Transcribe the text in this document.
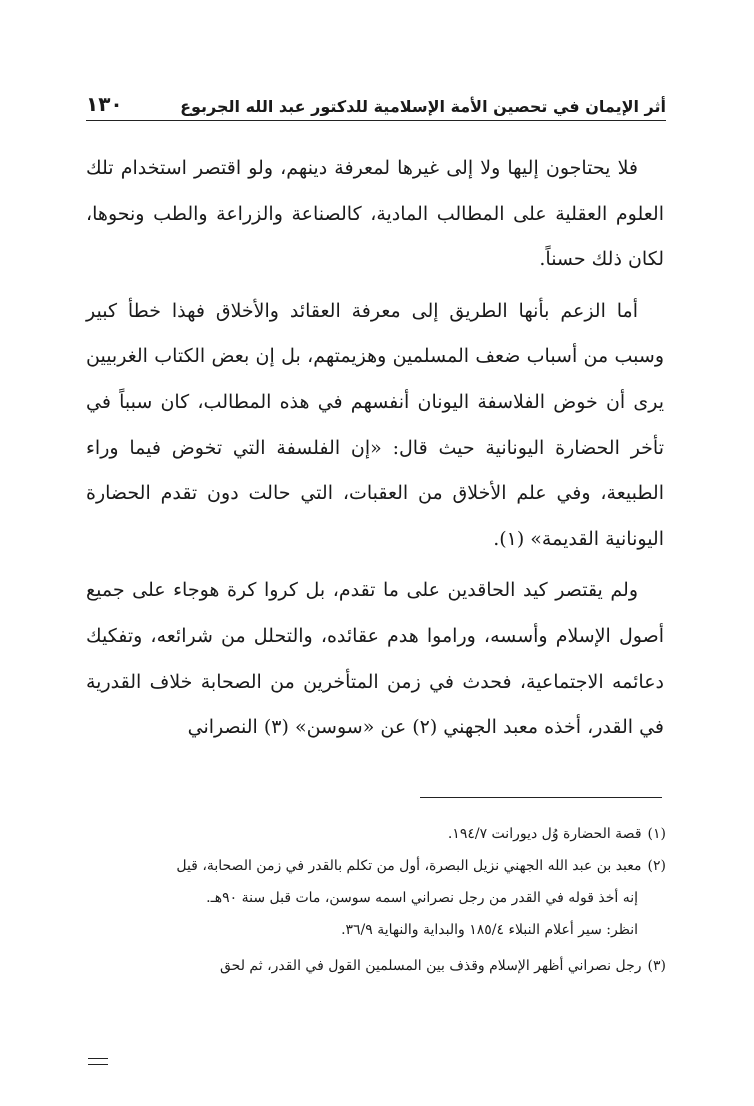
أثر الإيمان في تحصين الأمة الإسلامية للدكتور عبد الله الجربوع
١٣٠

فلا يحتاجون إليها ولا إلى غيرها لمعرفة دينهم، ولو اقتصر استخدام تلك العلوم العقلية على المطالب المادية، كالصناعة والزراعة والطب ونحوها، لكان ذلك حسناً.

أما الزعم بأنها الطريق إلى معرفة العقائد والأخلاق فهذا خطأ كبير وسبب من أسباب ضعف المسلمين وهزيمتهم، بل إن بعض الكتاب الغربيين يرى أن خوض الفلاسفة اليونان أنفسهم في هذه المطالب، كان سبباً في تأخر الحضارة اليونانية حيث قال: «إن الفلسفة التي تخوض فيما وراء الطبيعة، وفي علم الأخلاق من العقبات، التي حالت دون تقدم الحضارة اليونانية القديمة» (١).

ولم يقتصر كيد الحاقدين على ما تقدم، بل كروا كرة هوجاء على جميع أصول الإسلام وأسسه، وراموا هدم عقائده، والتحلل من شرائعه، وتفكيك دعائمه الاجتماعية، فحدث في زمن المتأخرين من الصحابة خلاف القدرية في القدر، أخذه معبد الجهني (٢) عن «سوسن» (٣) النصراني

(١)قصة الحضارة وُل ديورانت ١٩٤/٧.

(٢)معبد بن عبد الله الجهني نزيل البصرة، أول من تكلم بالقدر في زمن الصحابة، قيل

إنه أخذ قوله في القدر من رجل نصراني اسمه سوسن، مات قبل سنة ٩٠هـ.

انظر: سير أعلام النبلاء ١٨٥/٤ والبداية والنهاية ٣٦/٩.

(٣)رجل نصراني أظهر الإسلام وقذف بين المسلمين القول في القدر، ثم لحق
